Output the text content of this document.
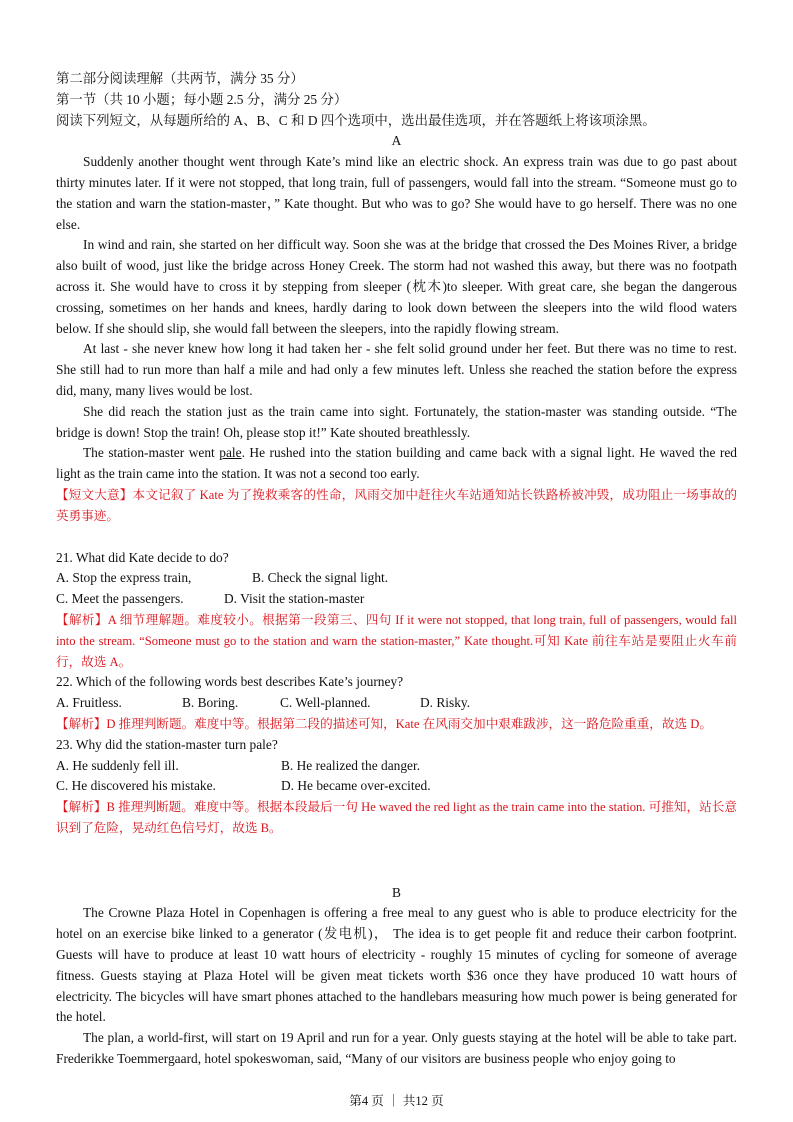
第二部分阅读理解（共两节，满分 35 分）

第一节（共 10 小题；每小题 2.5 分，满分 25 分）

阅读下列短文，从每题所给的 A、B、C 和 D 四个选项中，选出最佳选项，并在答题纸上将该项涂黑。

A

Suddenly another thought went through Kate’s mind like an electric shock. An express train was due to go past about thirty minutes later. If it were not stopped, that long train, full of passengers, would fall into the stream. “Someone must go to the station and warn the station-master，” Kate thought. But who was to go? She would have to go herself. There was no one else.

In wind and rain, she started on her difficult way. Soon she was at the bridge that crossed the Des Moines River, a bridge also built of wood, just like the bridge across Honey Creek. The storm had not washed this away, but there was no footpath across it. She would have to cross it by stepping from sleeper (枕木)to sleeper. With great care, she began the dangerous crossing, sometimes on her hands and knees, hardly daring to look down between the sleepers into the wild flood waters below. If she should slip, she would fall between the sleepers, into the rapidly flowing stream.

At last - she never knew how long it had taken her - she felt solid ground under her feet. But there was no time to rest. She still had to run more than half a mile and had only a few minutes left. Unless she reached the station before the express did, many, many lives would be lost.

She did reach the station just as the train came into sight. Fortunately, the station-master was standing outside. “The bridge is down! Stop the train! Oh, please stop it!” Kate shouted breathlessly.

The station-master went pale. He rushed into the station building and came back with a signal light. He waved the red light as the train came into the station. It was not a second too early.

【短文大意】本文记叙了 Kate 为了挽救乘客的性命，风雨交加中赶往火车站通知站长铁路桥被冲毁，成功阻止一场事故的英勇事迹。

21. What did Kate decide to do?

A. Stop the express train,	B. Check the signal light.
C. Meet the passengers.	D. Visit the station-master

【解析】A 细节理解题。难度较小。根据第一段第三、四句 If it were not stopped, that long train, full of passengers, would fall into the stream. “Someone must go to the station and warn the station-master,” Kate thought.可知 Kate 前往车站是要阻止火车前行，故选 A。

22. Which of the following words best describes Kate’s journey?

A. Fruitless.	B. Boring.	C. Well-planned.	D. Risky.

【解析】D 推理判断题。难度中等。根据第二段的描述可知，Kate 在风雨交加中艰难跋涉，这一路危险重重，故选 D。

23. Why did the station-master turn pale?

A. He suddenly fell ill.	B. He realized the danger.
C. He discovered his mistake.	D. He became over-excited.

【解析】B 推理判断题。难度中等。根据本段最后一句 He waved the red light as the train came into the station. 可推知，站长意识到了危险，晃动红色信号灯，故选 B。

B

The Crowne Plaza Hotel in Copenhagen is offering a free meal to any guest who is able to produce electricity for the hotel on an exercise bike linked to a generator (发电机)， The idea is to get people fit and reduce their carbon footprint. Guests will have to produce at least 10 watt hours of electricity - roughly 15 minutes of cycling for someone of average fitness. Guests staying at Plaza Hotel will be given meat tickets worth $36 once they have produced 10 watt hours of electricity. The bicycles will have smart phones attached to the handlebars measuring how much power is being generated for the hotel.

The plan, a world-first, will start on 19 April and run for a year. Only guests staying at the hotel will be able to take part. Frederikke Toemmergaard, hotel spokeswoman, said, “Many of our visitors are business people who enjoy going to

第4 页 ｜ 共12 页
